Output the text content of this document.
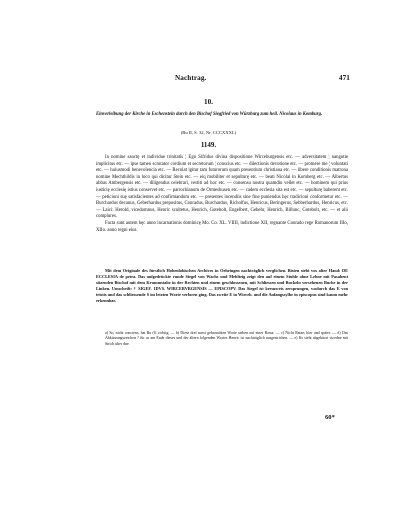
Nachtrag.	471
10.
Einverleibung der Kirche in Eschenstein durch den Bischof Siegfried von Würzburg zum heil. Nicolaus in Komburg.
(Bu II, S. 32, Nr. CCCXXXL)
1149.

In nomine sanctę et individue trinitatis ¦ Ego Sifridus divina dispositione Wirceburgensis etc. — adversitatem ¦ nangotie implicitus etc. — ipse tamen scrutator cordium et secretorum ¦ conscius etc. — dilectionis devotione etc. — promere me ¦ voluntati etc. — huiusmodi benevolencia etc. — Recolat igitur tam futurorum quam presentium christiana etc. — libere conditionis matrona nomine Mechthildis in loco qui dicitur Stein etc. — eiq mobiliter et sepulturę etc. — beati Nicolai in Komberg etc. — Albertus abbas Ambergensis etc. — diligendus celebrari, vestiti ad hoc etc. — consensu nostra quamdiu vellet etc. — hominem qui prius iusticię ecclesię istius conservet etc. — parrochianum de Ormeshusen etc. — cadem ecclesia sita est etc. — sepulturę baberent etc. — peticioni suę satisfacientes ad confirmandum etc. — presentes incendiis sine fine puniendus hęc tradicioni conformetur etc. — Burchardus decanus, Geberhardus prepositus, Conradus, Burchardus, Richolfus, Henricus, Beringerus, Sebberhardus, Henricus, etc. — Laici: Herold, vicedomnus, Henric scultetus, Henrich, Gotebolt, Engelbert, Gebehr, Henrich, Billunc, Gotebolt, etc. — et alii complures.

Facta sunt autem hęc anno incarnationis dominicę Mo. Co. XL. VIIII, indictione XII, regnante Conrado rege Romanorum IIIo, XIIo. anno regni eius.

Mit dem Originale des fürstlich Hohenlohischen Archives in Oehringen nachträglich verglichen. Bisten siebt vos alter Hand: DE ECCLESIA de petra. Das aufgedrückte runde Siegel von Wachs und Mehlteig zeigt den auf einem Stuhle ohne Lehne mit Pasabent sitzenden Bischof mit dem Krummstabe in der Rechten und einem geschlossenen, mit Schliessen und Buckeln versehenen Buche in der Linken. Umschrift: † SIGEF. 1DVS. WIRCEBVRGENSIS — EPISCOPV. Das Siegel ist kreuzweis zersprungen, wodurch das E von tristis und das schliessende S im letzten Worte verloren ging. Das zweite E in Wirceb. und die Anfangssylbe in episcopus sind kaum mehr erkennbar.

a) So, nicht conciens, hat Bu (S. richtig. — b) Diese drei sonst gebrauchten Worte stehen auf einer Rasur. — c) Nicht Ratae; hier und später. — d) Das Abkürzungszeichen ? für ur am Ende dieses und der ältern folgenden Wortes Henric ist nachträglich ausgestrichen. — e) Ks sieht abgekürzt vicedne mit Strich über dne.

60*
